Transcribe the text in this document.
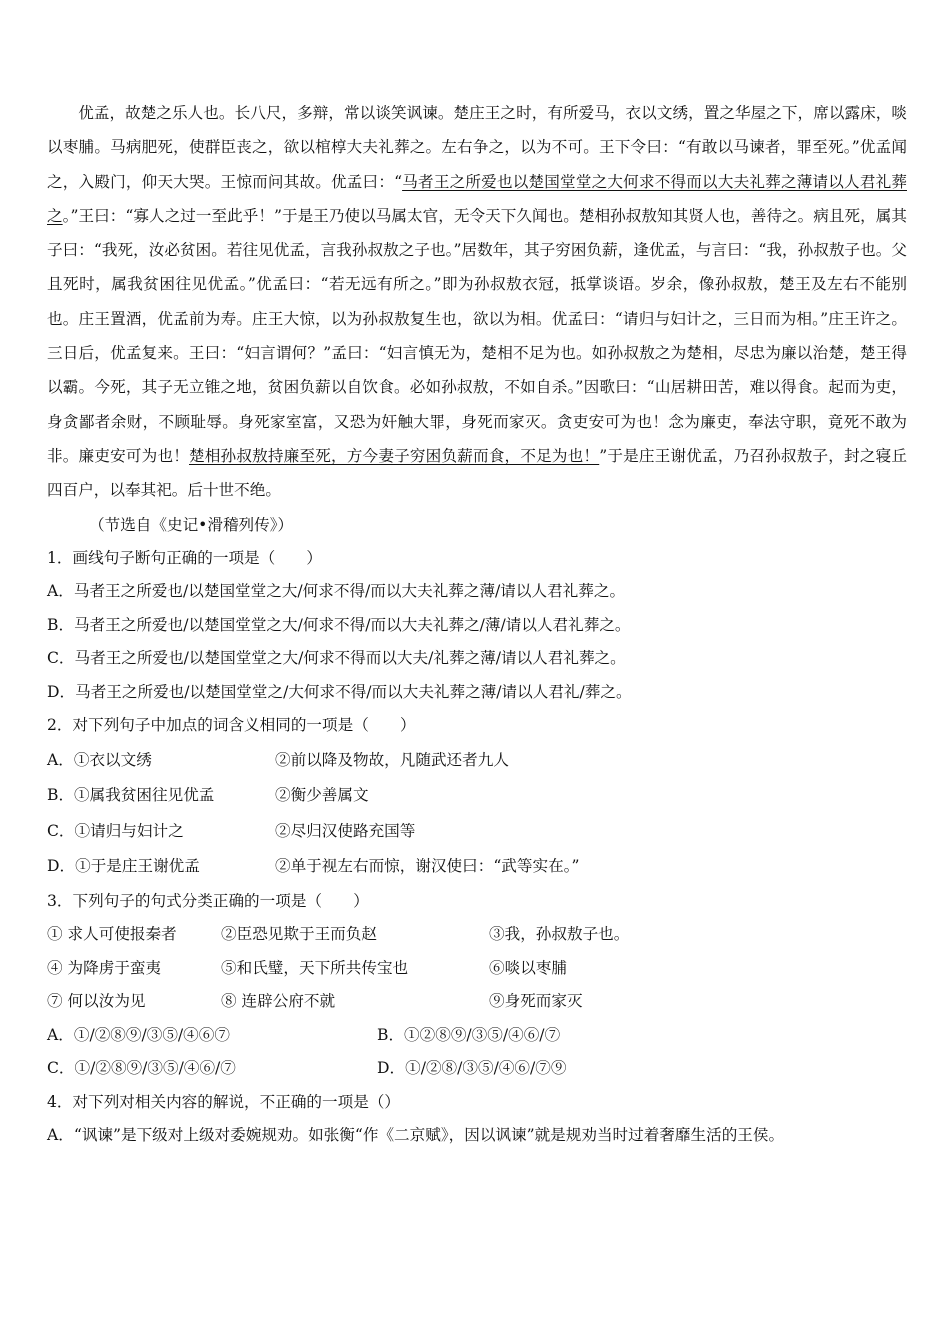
优孟，故楚之乐人也。长八尺，多辩，常以谈笑讽谏。楚庄王之时，有所爱马，衣以文绣，置之华屋之下，席以露床，啖以枣脯。马病肥死，使群臣丧之，欲以棺椁大夫礼葬之。左右争之，以为不可。王下令曰：“有敢以马谏者，罪至死。”优孟闻之，入殿门，仰天大哭。王惊而问其故。优孟曰：“马者王之所爱也以楚国堂堂之大何求不得而以大夫礼葬之薄请以人君礼葬之。”王曰：“寡人之过一至此乎！”于是王乃使以马属太官，无令天下久闻也。楚相孙叔敖知其贤人也，善待之。病且死，属其子曰：“我死，汝必贫困。若往见优孟，言我孙叔敖之子也。”居数年，其子穷困负薪，逢优孟，与言曰：“我，孙叔敖子也。父且死时，属我贫困往见优孟。”优孟曰：“若无远有所之。”即为孙叔敖衣冠，抵掌谈语。岁余，像孙叔敖，楚王及左右不能别也。庄王置酒，优孟前为寿。庄王大惊，以为孙叔敖复生也，欲以为相。优孟曰：“请归与妇计之，三日而为相。”庄王许之。三日后，优孟复来。王曰：“妇言谓何？”孟曰：“妇言慎无为，楚相不足为也。如孙叔敖之为楚相，尽忠为廉以治楚，楚王得以霸。今死，其子无立锥之地，贫困负薪以自饮食。必如孙叔敖，不如自杀。”因歌曰：“山居耕田苦，难以得食。起而为吏，身贪鄙者余财，不顾耻辱。身死家室富，又恐为奸触大罪，身死而家灭。贪吏安可为也！念为廉吏，奉法守职，竟死不敢为非。廉吏安可为也！楚相孙叔敖持廉至死，方今妻子穷困负薪而食，不足为也！”于是庄王谢优孟，乃召孙叔敖子，封之寝丘四百户，以奉其祀。后十世不绝。

（节选自《史记•滑稽列传》）
1．画线句子断句正确的一项是（　　）
A．马者王之所爱也/以楚国堂堂之大/何求不得/而以大夫礼葬之薄/请以人君礼葬之。
B．马者王之所爱也/以楚国堂堂之大/何求不得/而以大夫礼葬之/薄/请以人君礼葬之。
C．马者王之所爱也/以楚国堂堂之大/何求不得而以大夫/礼葬之薄/请以人君礼葬之。
D．马者王之所爱也/以楚国堂堂之/大何求不得/而以大夫礼葬之薄/请以人君礼/葬之。
2．对下列句子中加点的词含义相同的一项是（　　）
A．①衣以文绣	②前以降及物故，凡随武还者九人
B．①属我贫困往见优孟	②衡少善属文
C．①请归与妇计之	②尽归汉使路充国等
D．①于是庄王谢优孟	②单于视左右而惊，谢汉使曰：“武等实在。”
3．下列句子的句式分类正确的一项是（　　）
① 求人可使报秦者	②臣恐见欺于王而负赵	③我，孙叔敖子也。
④ 为降虏于蛮夷	⑤和氏璧，天下所共传宝也	⑥啖以枣脯
⑦ 何以汝为见	⑧ 连辟公府不就	⑨身死而家灭
A．①/②⑧⑨/③⑤/④⑥⑦	B．①②⑧⑨/③⑤/④⑥/⑦
C．①/②⑧⑨/③⑤/④⑥/⑦	D．①/②⑧/③⑤/④⑥/⑦⑨
4．对下列对相关内容的解说，不正确的一项是（）
A．“讽谏”是下级对上级对委婉规劝。如张衡“作《二京赋》，因以讽谏”就是规劝当时过着奢靡生活的王侯。
